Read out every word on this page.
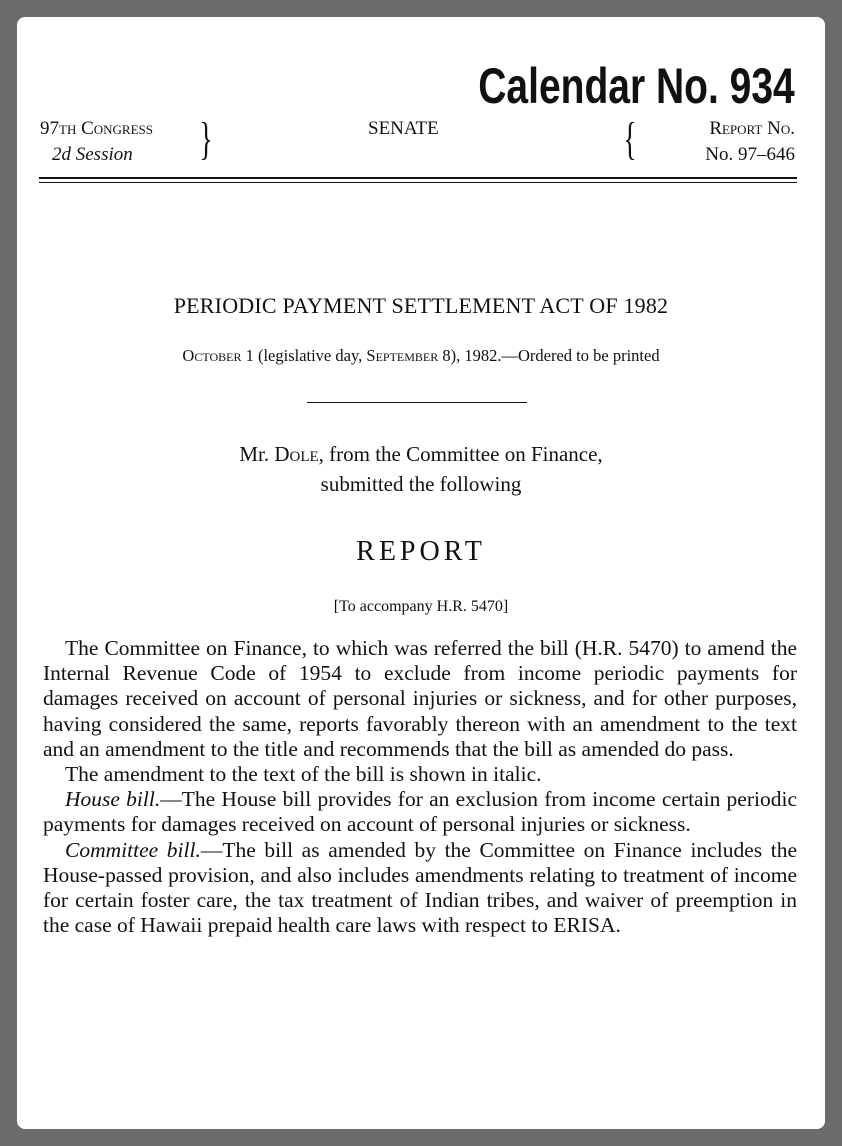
Calendar No. 934
97th Congress
2d Session	}	SENATE	{	Report No.
No. 97–646
PERIODIC PAYMENT SETTLEMENT ACT OF 1982
October 1 (legislative day, September 8), 1982.—Ordered to be printed
Mr. Dole, from the Committee on Finance,
submitted the following
REPORT
[To accompany H.R. 5470]

The Committee on Finance, to which was referred the bill (H.R. 5470) to amend the Internal Revenue Code of 1954 to exclude from income periodic payments for damages received on account of personal injuries or sickness, and for other purposes, having considered the same, reports favorably thereon with an amendment to the text and an amendment to the title and recommends that the bill as amended do pass.

The amendment to the text of the bill is shown in italic.

House bill.—The House bill provides for an exclusion from income certain periodic payments for damages received on account of personal injuries or sickness.

Committee bill.—The bill as amended by the Committee on Finance includes the House-passed provision, and also includes amendments relating to treatment of income for certain foster care, the tax treatment of Indian tribes, and waiver of preemption in the case of Hawaii prepaid health care laws with respect to ERISA.
